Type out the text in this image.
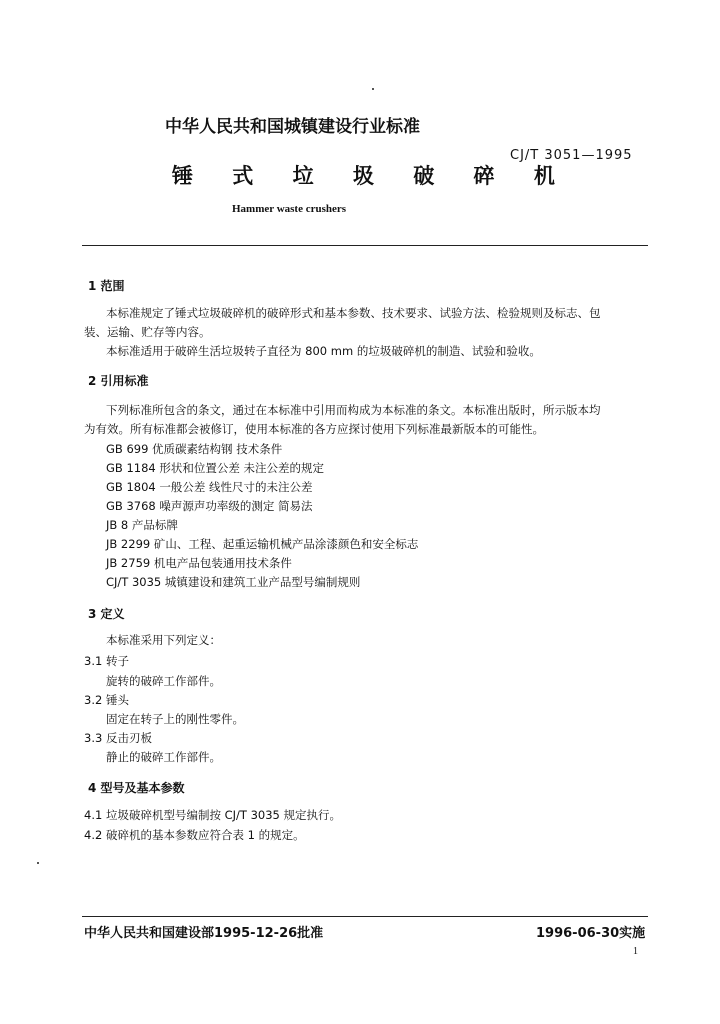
中华人民共和国城镇建设行业标准
CJ/T 3051—1995
锤 式 垃 圾 破 碎 机
Hammer waste crushers
1 范围
本标准规定了锤式垃圾破碎机的破碎形式和基本参数、技术要求、试验方法、检验规则及标志、包
装、运输、贮存等内容。
本标准适用于破碎生活垃圾转子直径为 800 mm 的垃圾破碎机的制造、试验和验收。
2 引用标准
下列标准所包含的条文，通过在本标准中引用而构成为本标准的条文。本标准出版时，所示版本均
为有效。所有标准都会被修订，使用本标准的各方应探讨使用下列标准最新版本的可能性。
GB 699 优质碳素结构钢 技术条件
GB 1184 形状和位置公差 未注公差的规定
GB 1804 一般公差 线性尺寸的未注公差
GB 3768 噪声源声功率级的测定 简易法
JB 8 产品标牌
JB 2299 矿山、工程、起重运输机械产品涂漆颜色和安全标志
JB 2759 机电产品包装通用技术条件
CJ/T 3035 城镇建设和建筑工业产品型号编制规则
3 定义
本标准采用下列定义：
3.1 转子
旋转的破碎工作部件。
3.2 锤头
固定在转子上的刚性零件。
3.3 反击刃板
静止的破碎工作部件。
4 型号及基本参数
4.1 垃圾破碎机型号编制按 CJ/T 3035 规定执行。
4.2 破碎机的基本参数应符合表 1 的规定。
中华人民共和国建设部1995-12-26批准	1996-06-30实施
1
